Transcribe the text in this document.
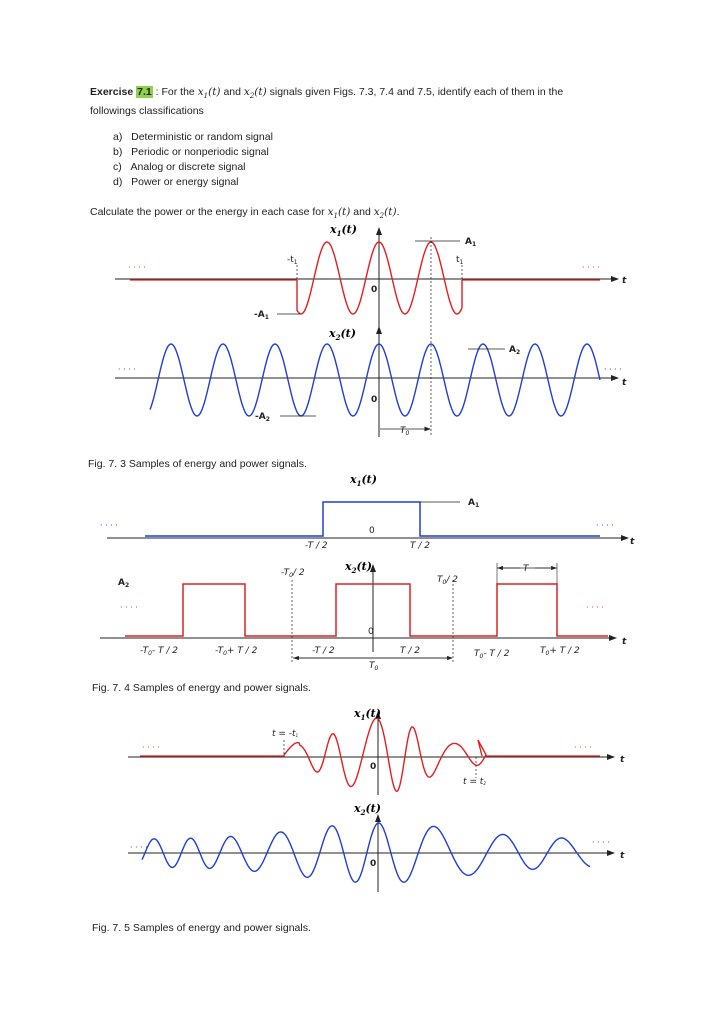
Exercise 7.1 : For the $x_1(t)$ and $x_2(t)$ signals given Figs. 7.3, 7.4 and 7.5, identify each of them in the
followings classifications
a) Deterministic or random signal
b) Periodic or nonperiodic signal
c) Analog or discrete signal
d) Power or energy signal
Calculate the power or the energy in each case for $x_1(t)$ and $x_2(t)$.
$x_1(t)$
$-t_1$	$t_1$
$A_1$
$-A_1$
0
t
· · · ·	· · · ·
$x_2(t)$
$A_2$
$-A_2$
0
$T_0$
t
· · · ·	· · · ·
Fig. 7. 3 Samples of energy and power signals.
$x_1(t)$
$A_1$
0
-T / 2	T / 2	t
· · · ·	· · · ·
$x_2(t)$
$A_2$
$-T_0/$ 2
$T_0/$ 2
T
0
$T_0$
t
· · · ·	· · · ·
$-T_0-$ T / 2	$-T_0+ T / 2$	-T / 2	T / 2	$T_0-$ T / 2	$T_0+ T / 2$
Fig. 7. 4 Samples of energy and power signals.
$x_1(t)$
t = -t1
t = t2
0
t
· · · ·	· · · ·
$x_2(t)$
0
t
· · · ·
· · · ·
Fig. 7. 5 Samples of energy and power signals.
